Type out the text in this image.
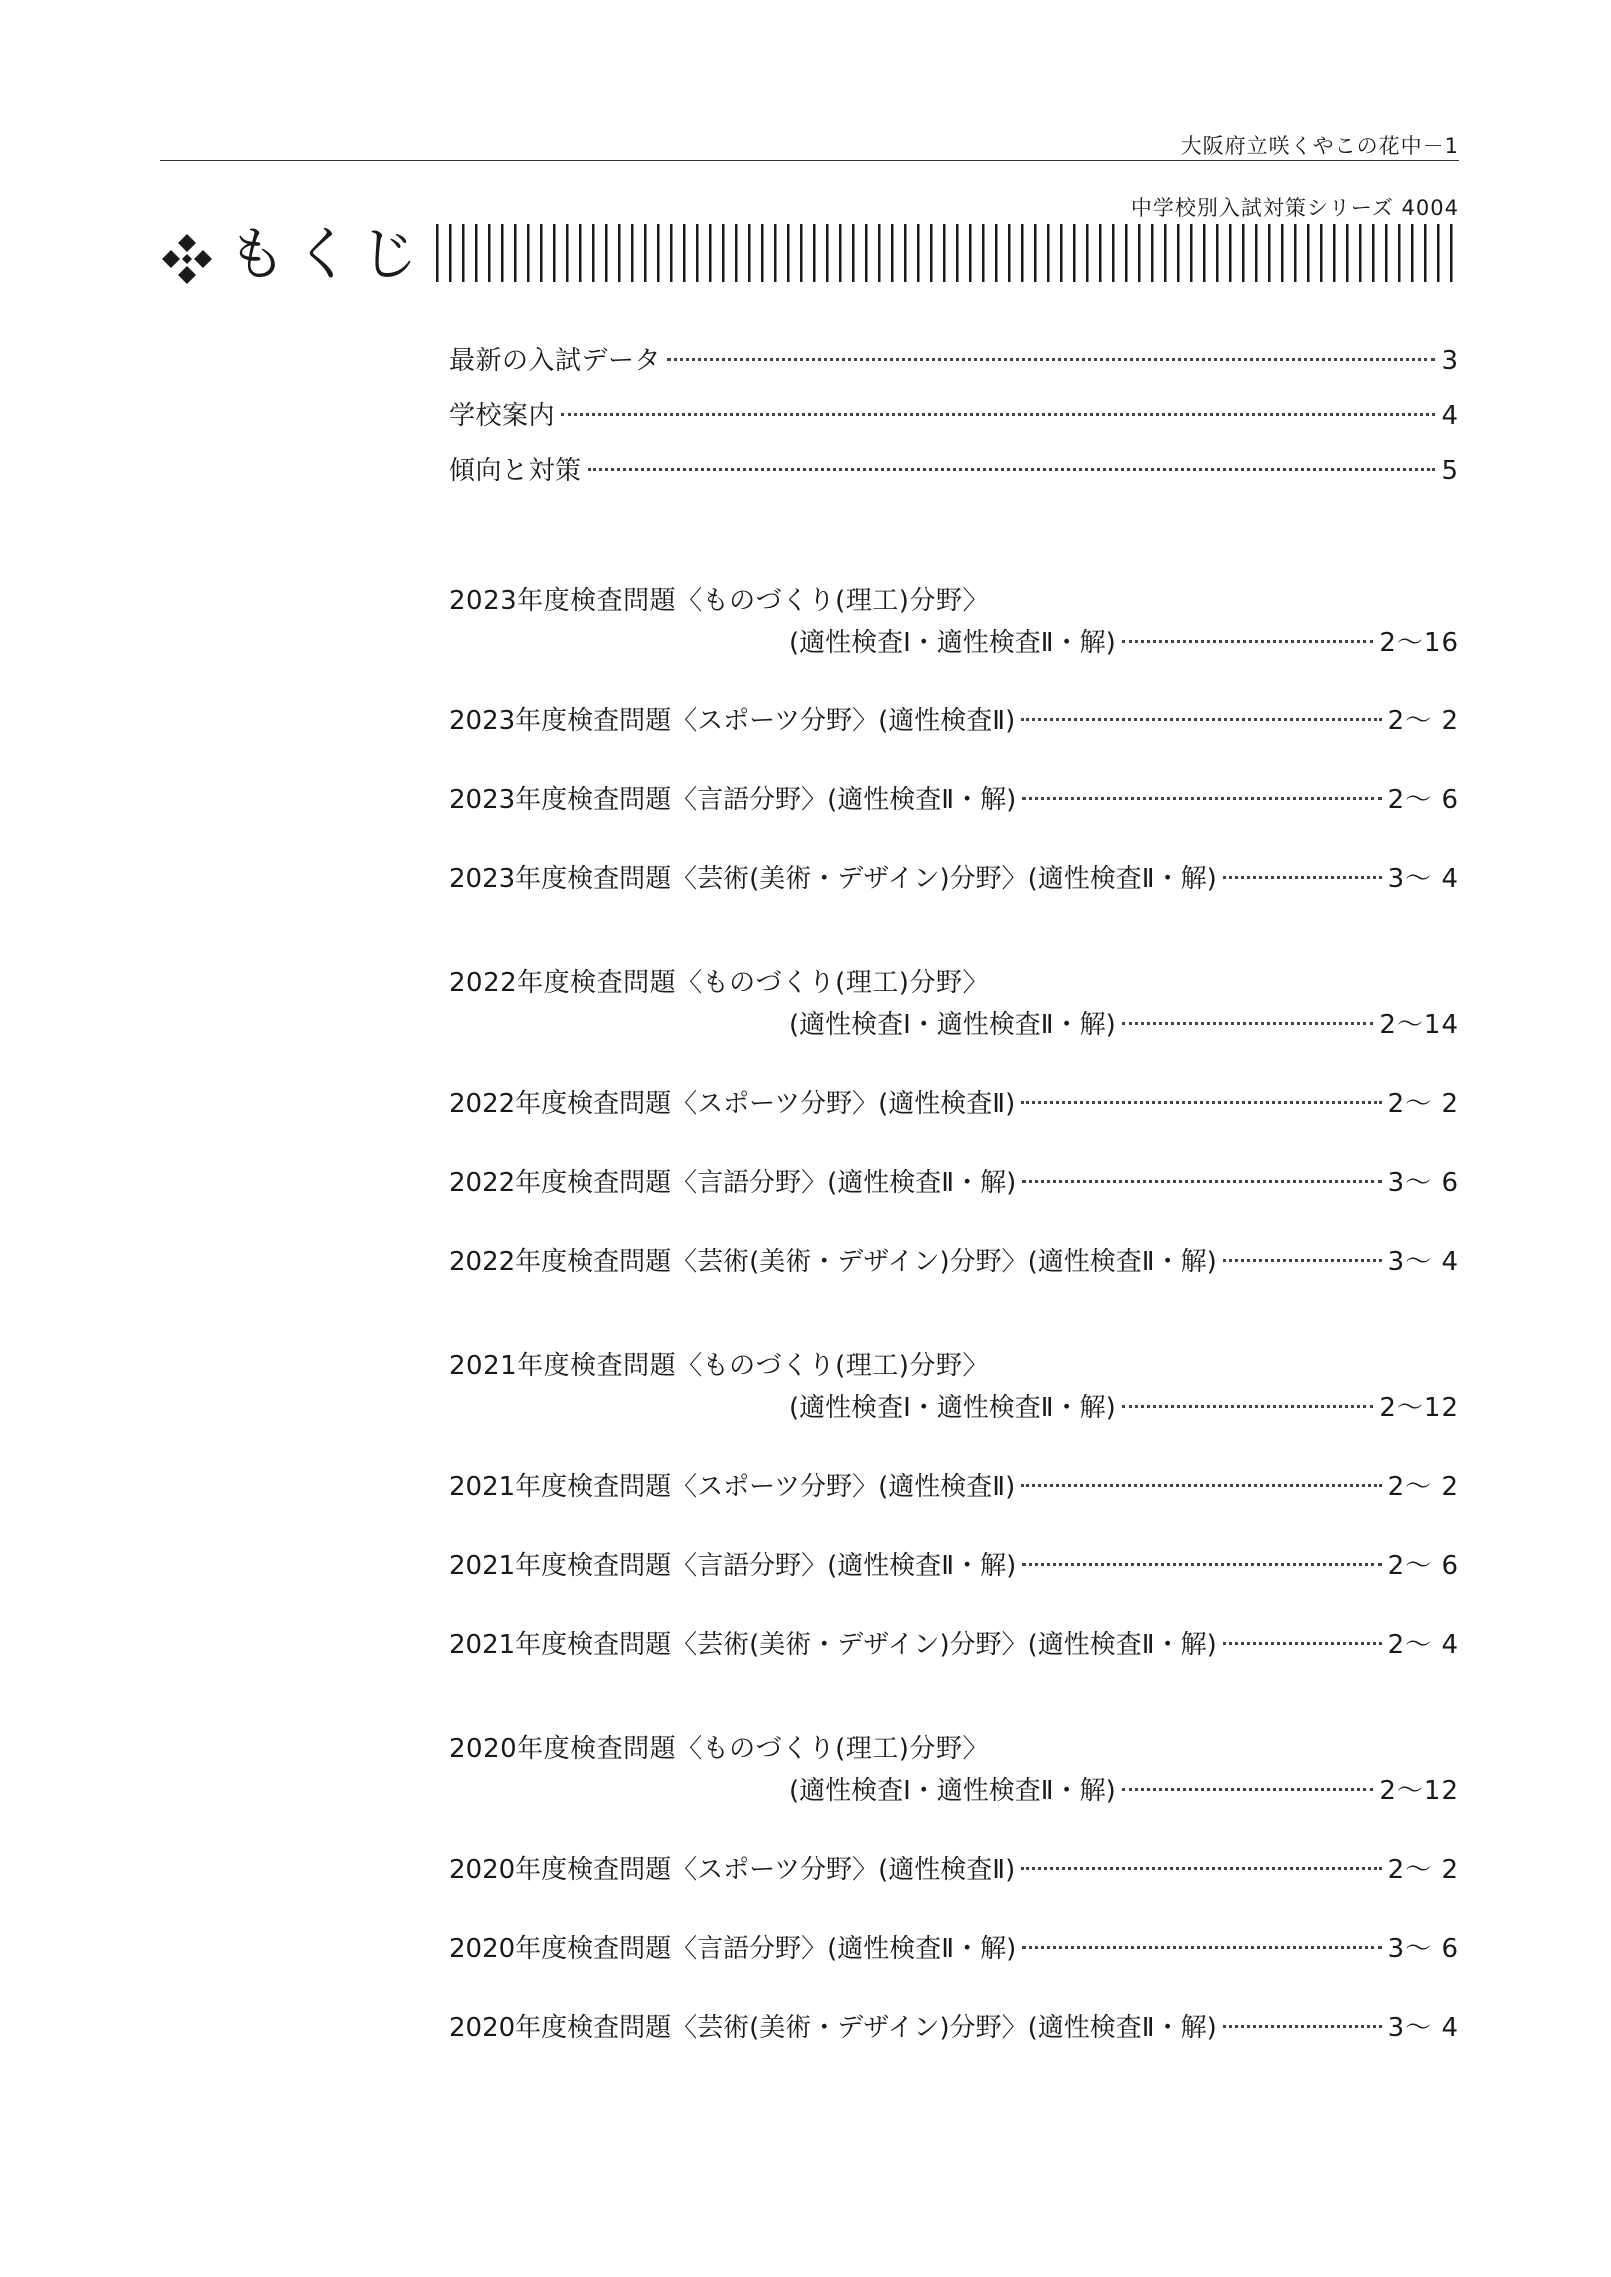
大阪府立咲くやこの花中－1
中学校別入試対策シリーズ 4004
もくじ
最新の入試データ	3
学校案内	4
傾向と対策	5
2023年度検査問題〈ものづくり(理工)分野〉
(適性検査Ⅰ・適性検査Ⅱ・解)	2〜16
2023年度検査問題〈スポーツ分野〉(適性検査Ⅱ)	2〜 2
2023年度検査問題〈言語分野〉(適性検査Ⅱ・解)	2〜 6
2023年度検査問題〈芸術(美術・デザイン)分野〉(適性検査Ⅱ・解)	3〜 4
2022年度検査問題〈ものづくり(理工)分野〉
(適性検査Ⅰ・適性検査Ⅱ・解)	2〜14
2022年度検査問題〈スポーツ分野〉(適性検査Ⅱ)	2〜 2
2022年度検査問題〈言語分野〉(適性検査Ⅱ・解)	3〜 6
2022年度検査問題〈芸術(美術・デザイン)分野〉(適性検査Ⅱ・解)	3〜 4
2021年度検査問題〈ものづくり(理工)分野〉
(適性検査Ⅰ・適性検査Ⅱ・解)	2〜12
2021年度検査問題〈スポーツ分野〉(適性検査Ⅱ)	2〜 2
2021年度検査問題〈言語分野〉(適性検査Ⅱ・解)	2〜 6
2021年度検査問題〈芸術(美術・デザイン)分野〉(適性検査Ⅱ・解)	2〜 4
2020年度検査問題〈ものづくり(理工)分野〉
(適性検査Ⅰ・適性検査Ⅱ・解)	2〜12
2020年度検査問題〈スポーツ分野〉(適性検査Ⅱ)	2〜 2
2020年度検査問題〈言語分野〉(適性検査Ⅱ・解)	3〜 6
2020年度検査問題〈芸術(美術・デザイン)分野〉(適性検査Ⅱ・解)	3〜 4
